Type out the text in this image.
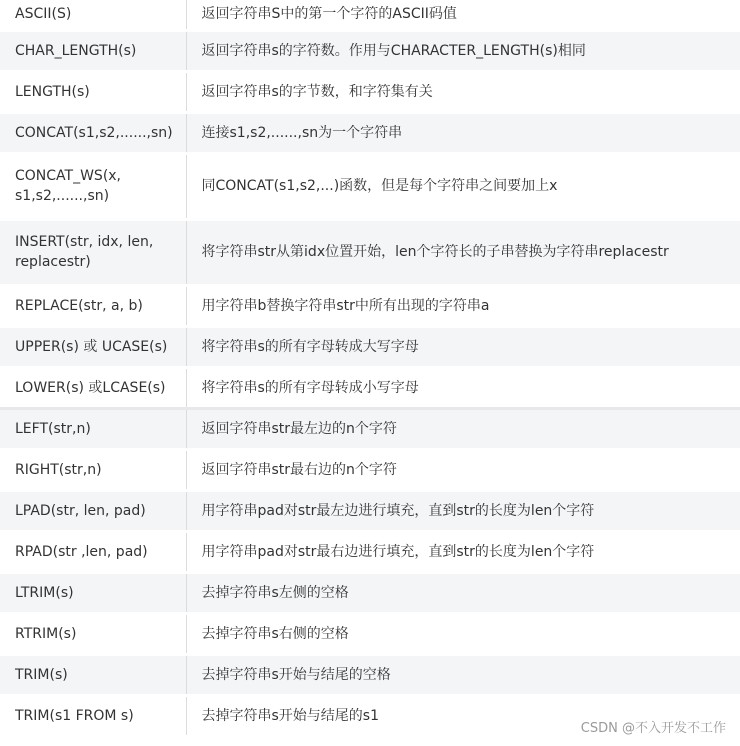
ASCII(S)	返回字符串S中的第一个字符的ASCII码值
CHAR_LENGTH(s)	返回字符串s的字符数。作用与CHARACTER_LENGTH(s)相同
LENGTH(s)	返回字符串s的字节数，和字符集有关
CONCAT(s1,s2,......,sn)	连接s1,s2,......,sn为一个字符串
CONCAT_WS(x, s1,s2,......,sn)	同CONCAT(s1,s2,...)函数，但是每个字符串之间要加上x
INSERT(str, idx, len, replacestr)	将字符串str从第idx位置开始，len个字符长的子串替换为字符串replacestr
REPLACE(str, a, b)	用字符串b替换字符串str中所有出现的字符串a
UPPER(s) 或 UCASE(s)	将字符串s的所有字母转成大写字母
LOWER(s) 或LCASE(s)	将字符串s的所有字母转成小写字母
LEFT(str,n)	返回字符串str最左边的n个字符
RIGHT(str,n)	返回字符串str最右边的n个字符
LPAD(str, len, pad)	用字符串pad对str最左边进行填充，直到str的长度为len个字符
RPAD(str ,len, pad)	用字符串pad对str最右边进行填充，直到str的长度为len个字符
LTRIM(s)	去掉字符串s左侧的空格
RTRIM(s)	去掉字符串s右侧的空格
TRIM(s)	去掉字符串s开始与结尾的空格
TRIM(s1 FROM s)	去掉字符串s开始与结尾的s1
CSDN @不入开发不工作
